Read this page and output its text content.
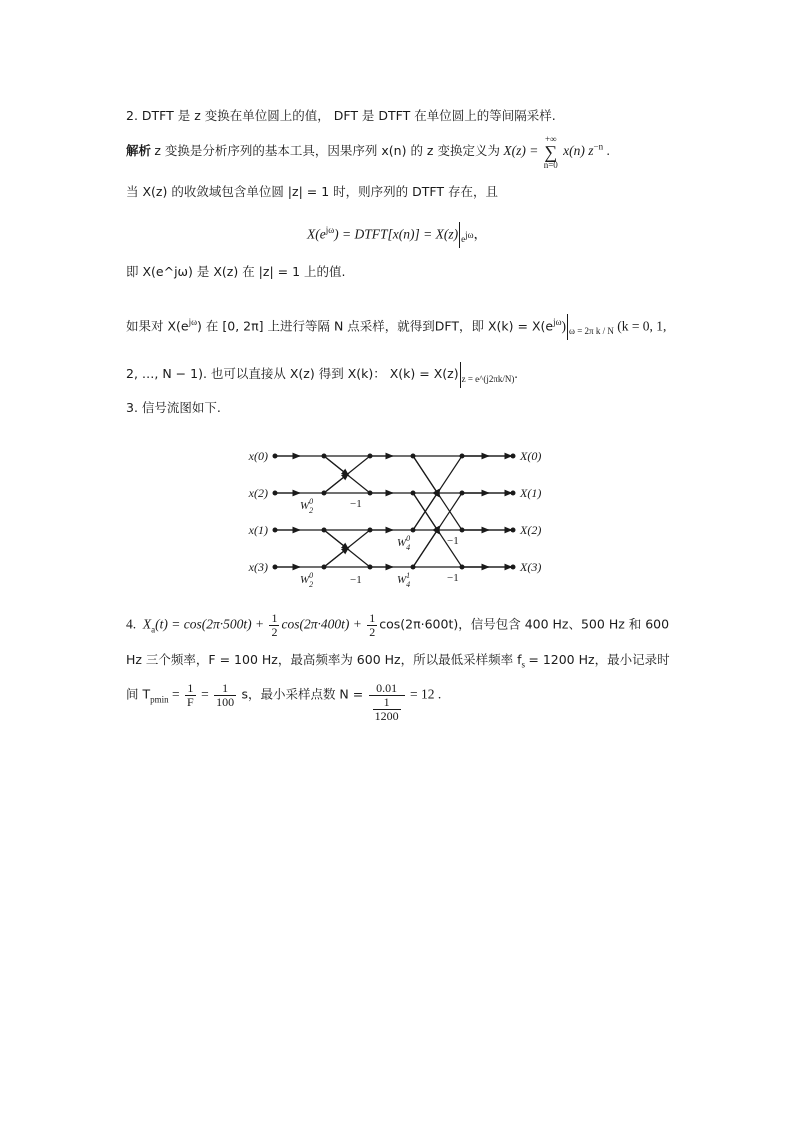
2. DTFT 是 z 变换在单位圆上的值， DFT 是 DTFT 在单位圆上的等间隔采样.
解析 z 变换是分析序列的基本工具，因果序列 x(n) 的 z 变换定义为 X(z) = +∞
∑
n=0 x(n) $z^{-n}$ .
当 X(z) 的收敛域包含单位圆 |z| = 1 时，则序列的 DTFT 存在，且
$X(e^{j\omega})$ = DTFT[x(n)] = X(z) $_{e^{j\omega}}$，
即 X(e^jω) 是 X(z) 在 |z| = 1 上的值.
如果对 $X(e^{j\omega})$ 在 [0, 2π] 上进行等隔 N 点采样，就得到DFT，即 $X(k) = X(e^{j\omega})$ $_{\omega = 2\pi k / N}$ (k = 0, 1,
2, …, N − 1). 也可以直接从 X(z) 得到 X(k)： X(k) = X(z) $_{z = e\^{}(j2\pi k/N)}$.
3. 信号流图如下.
x(0)
x(2)
x(1)
x(3)
X(0)
X(1)
X(2)
X(3)
$W^0$ 2
$W^0$ 2
$W^0$ 4
$W^1$ 4
−1
−1
−1
−1
4. $X_a(t) = \cos(2\pi\cdot 500t) + \frac{1}{2} \cos(2\pi\cdot 400t) + \frac{1}{2} \cos(2\pi\cdot 600t)$，信号包含 400 Hz、500 Hz 和 600
Hz 三个频率，F = 100 Hz，最高频率为 600 Hz，所以最低采样频率 $f_s = 1200$ Hz，最小记录时
间 $T_{pmin} = \frac{1}{F} = \frac{1}{100}$ s，最小采样点数 $N = \frac{0.01}{\frac{1}{1200}} = 12$ .
